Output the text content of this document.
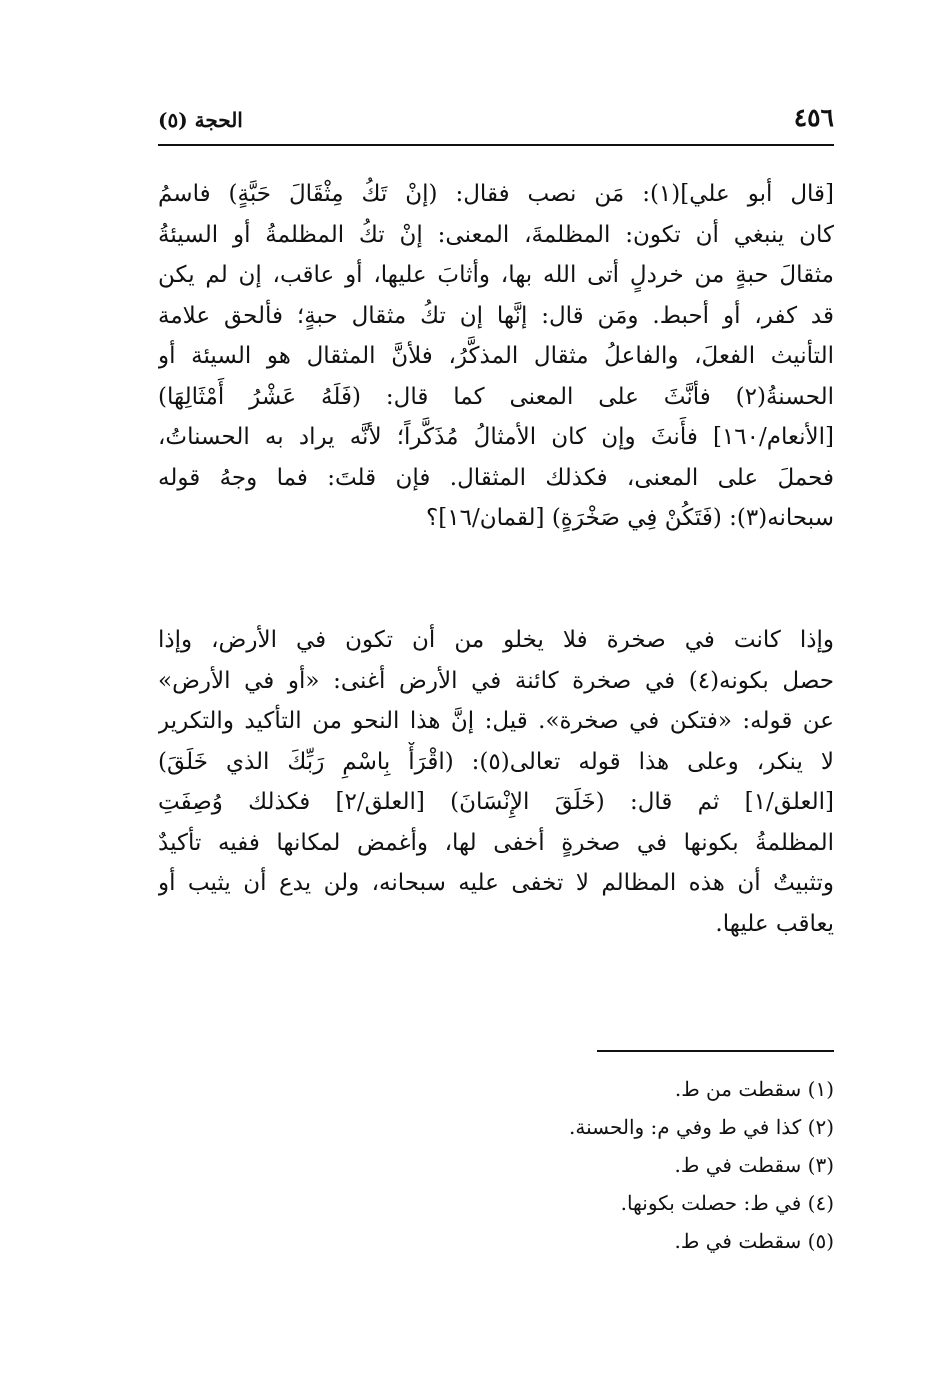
٤٥٦
الحجة (٥)
[قال أبو علي](١): مَن نصب فقال: (إنْ تَكُ مِثْقَالَ حَبَّةٍ) فاسمُ
كان ينبغي أن تكون: المظلمةَ، المعنى: إنْ تكُ المظلمةُ أو السيئةُ
مثقالَ حبةٍ من خردلٍ أتى الله بها، وأثابَ عليها، أو عاقب، إن لم يكن
قد كفر، أو أحبط. ومَن قال: إنَّها إن تكُ مثقال حبةٍ؛ فألحق علامة
التأنيث الفعلَ، والفاعلُ مثقال المذكَّرُ، فلأنَّ المثقال هو السيئة أو
الحسنةُ(٢) فأنَّثَ على المعنى كما قال: (فَلَهُ عَشْرُ أَمْثَالِهَا)
[الأنعام/١٦٠] فأَنثَ وإن كان الأمثالُ مُذَكَّراً؛ لأنَّه يراد به الحسناتُ،
فحملَ على المعنى، فكذلك المثقال. فإن قلتَ: فما وجهُ قوله
سبحانه(٣): (فَتَكُنْ فِي صَخْرَةٍ) [لقمان/١٦]؟
وإذا كانت في صخرة فلا يخلو من أن تكون في الأرض، وإذا
حصل بكونه(٤) في صخرة كائنة في الأرض أغنى: «أو في الأرض»
عن قوله: «فتكن في صخرة». قيل: إنَّ هذا النحو من التأكيد والتكرير
لا ينكر، وعلى هذا قوله تعالى(٥): (اقْرَأْ بِاسْمِ رَبِّكَ الذي خَلَقَ)
[العلق/١] ثم قال: (خَلَقَ الإِنْسَانَ) [العلق/٢] فكذلك وُصِفَتِ
المظلمةُ بكونها في صخرةٍ أخفى لها، وأغمض لمكانها ففيه تأكيدٌ
وتثبيتٌ أن هذه المظالم لا تخفى عليه سبحانه، ولن يدع أن يثيب أو
يعاقب عليها.
(١) سقطت من ط.
(٢) كذا في ط وفي م: والحسنة.
(٣) سقطت في ط.
(٤) في ط: حصلت بكونها.
(٥) سقطت في ط.
